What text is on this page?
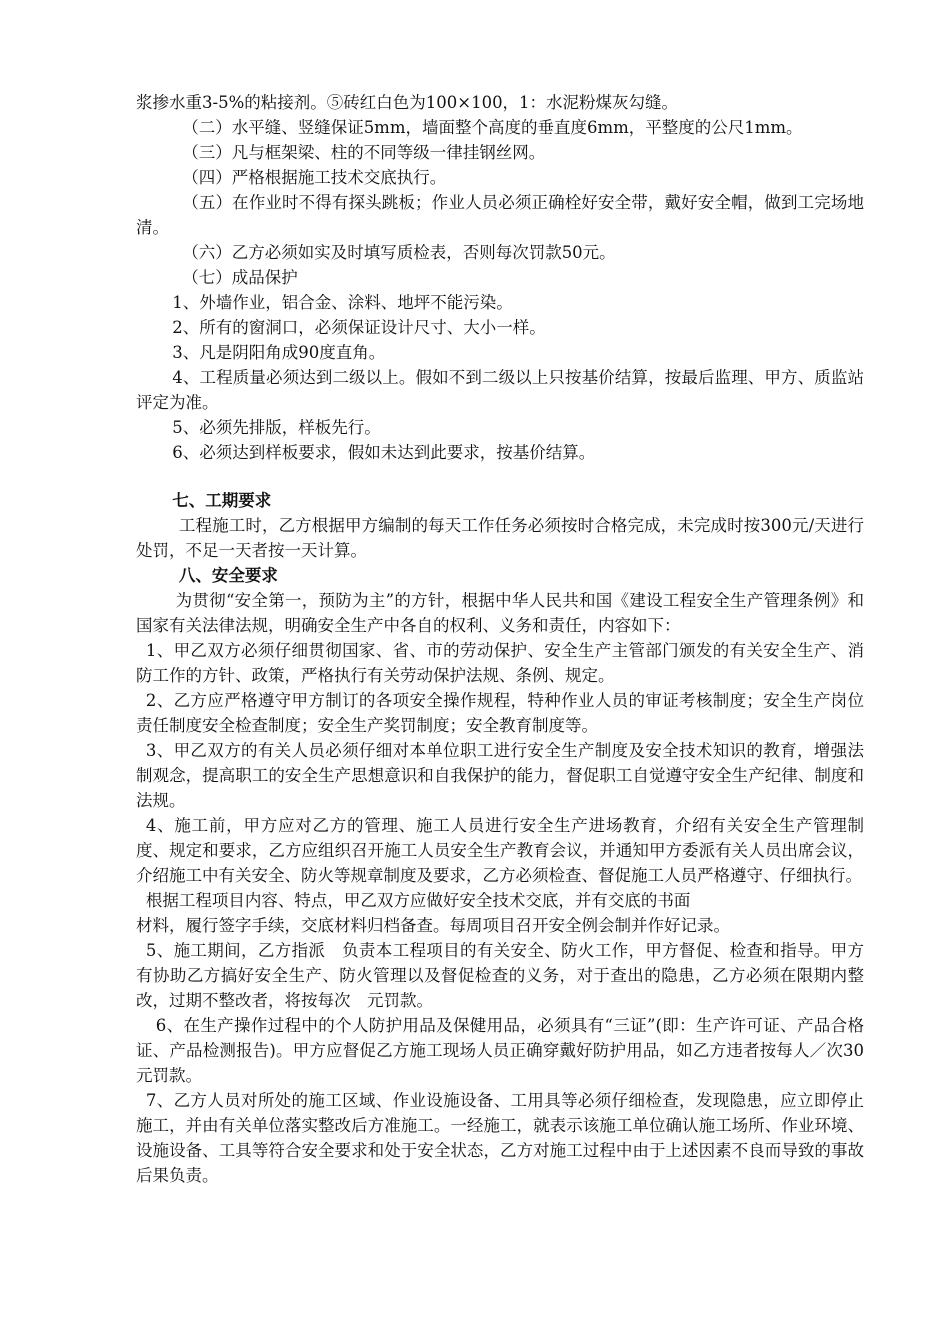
浆掺水重3-5%的粘接剂。⑤砖红白色为100×100，1：水泥粉煤灰勾缝。

（二）水平缝、竖缝保证5mm，墙面整个高度的垂直度6mm，平整度的公尺1mm。

（三）凡与框架梁、柱的不同等级一律挂钢丝网。

（四）严格根据施工技术交底执行。

（五）在作业时不得有探头跳板；作业人员必须正确栓好安全带，戴好安全帽，做到工完场地清。

（六）乙方必须如实及时填写质检表，否则每次罚款50元。

（七）成品保护

1、外墙作业，铝合金、涂料、地坪不能污染。

2、所有的窗洞口，必须保证设计尺寸、大小一样。

3、凡是阴阳角成90度直角。

4、工程质量必须达到二级以上。假如不到二级以上只按基价结算，按最后监理、甲方、质监站评定为准。

5、必须先排版，样板先行。

6、必须达到样板要求，假如未达到此要求，按基价结算。

七、工期要求

工程施工时，乙方根据甲方编制的每天工作任务必须按时合格完成，未完成时按300元/天进行处罚，不足一天者按一天计算。

八、安全要求

为贯彻“安全第一，预防为主”的方针，根据中华人民共和国《建设工程安全生产管理条例》和国家有关法律法规，明确安全生产中各自的权利、义务和责任，内容如下：

1、甲乙双方必须仔细贯彻国家、省、市的劳动保护、安全生产主管部门颁发的有关安全生产、消防工作的方针、政策，严格执行有关劳动保护法规、条例、规定。

2、乙方应严格遵守甲方制订的各项安全操作规程，特种作业人员的审证考核制度；安全生产岗位责任制度安全检查制度；安全生产奖罚制度；安全教育制度等。

3、甲乙双方的有关人员必须仔细对本单位职工进行安全生产制度及安全技术知识的教育，增强法制观念，提高职工的安全生产思想意识和自我保护的能力，督促职工自觉遵守安全生产纪律、制度和法规。

4、施工前，甲方应对乙方的管理、施工人员进行安全生产进场教育，介绍有关安全生产管理制度、规定和要求，乙方应组织召开施工人员安全生产教育会议，并通知甲方委派有关人员出席会议，介绍施工中有关安全、防火等规章制度及要求，乙方必须检查、督促施工人员严格遵守、仔细执行。

根据工程项目内容、特点，甲乙双方应做好安全技术交底，并有交底的书面

材料，履行签字手续，交底材料归档备查。每周项目召开安全例会制并作好记录。

5、施工期间，乙方指派　负责本工程项目的有关安全、防火工作，甲方督促、检查和指导。甲方有协助乙方搞好安全生产、防火管理以及督促检查的义务，对于查出的隐患，乙方必须在限期内整改，过期不整改者，将按每次　元罚款。

6、在生产操作过程中的个人防护用品及保健用品，必须具有“三证”(即：生产许可证、产品合格证、产品检测报告)。甲方应督促乙方施工现场人员正确穿戴好防护用品，如乙方违者按每人／次30元罚款。

7、乙方人员对所处的施工区域、作业设施设备、工用具等必须仔细检查，发现隐患，应立即停止施工，并由有关单位落实整改后方准施工。一经施工，就表示该施工单位确认施工场所、作业环境、设施设备、工具等符合安全要求和处于安全状态，乙方对施工过程中由于上述因素不良而导致的事故后果负责。
